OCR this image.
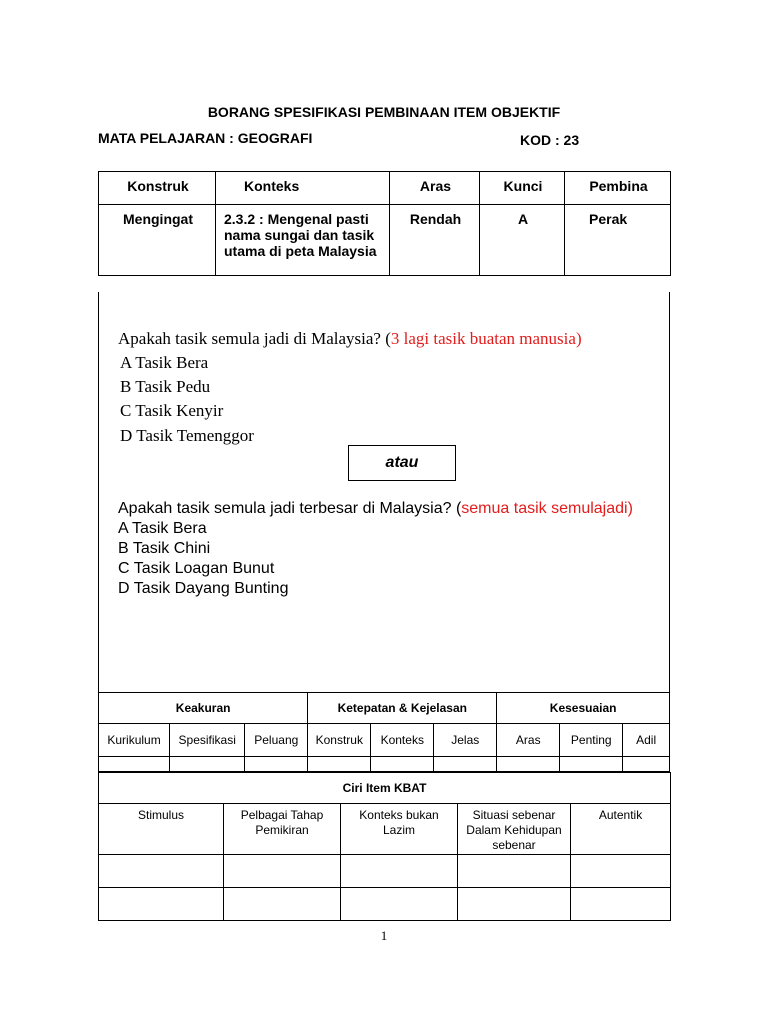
BORANG SPESIFIKASI PEMBINAAN ITEM OBJEKTIF
MATA PELAJARAN : GEOGRAFI	KOD : 23
Konstruk	Konteks	Aras	Kunci	Pembina
Mengingat	2.3.2 : Mengenal pasti nama sungai dan tasik utama di peta Malaysia	Rendah	A	Perak
Apakah tasik semula jadi di Malaysia? (3 lagi tasik buatan manusia)
A Tasik Bera
B Tasik Pedu
C Tasik Kenyir
D Tasik Temenggor
atau
Apakah tasik semula jadi terbesar di Malaysia? (semua tasik semulajadi)
A Tasik Bera
B Tasik Chini
C Tasik Loagan Bunut
D Tasik Dayang Bunting
Keakuran			Ketepatan & Kejelasan			Kesesuaian		
Kurikulum	Spesifikasi	Peluang	Konstruk	Konteks	Jelas	Aras	Penting	Adil

Ciri Item KBAT				
Stimulus	Pelbagai Tahap Pemikiran	Konteks bukan Lazim	Situasi sebenar Dalam Kehidupan sebenar	Autentik

1
